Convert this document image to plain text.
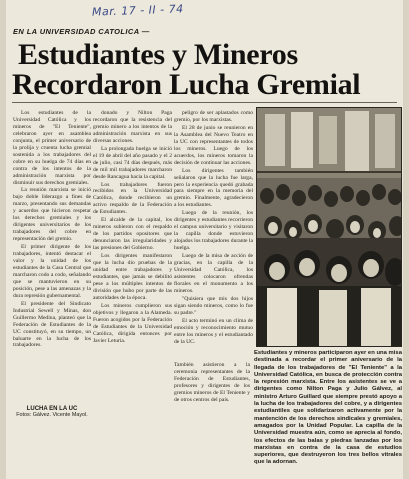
Mar. 17 - II - 74
EN LA UNIVERSIDAD CATOLICA —
Estudiantes y Mineros
Recordaron Lucha Gremial

Los estudiantes de la Universidad Católica y los mineros de "El Teniente", celebraron ayer en asamblea conjunta, el primer aniversario de la prolija y cruenta lucha gremial sostenida a los trabajadores del cobre en su huelga de 74 días en contra de los intentos de la administración marxista por disminuir sus derechos gremiales.

La reunión marxista se inició bajo doble liderazgo a fines de marzo, presentando sus demandas y acuerdos que hicieron respetar los derechos gremiales y los dirigentes universitarios de los trabajadores del cobre en representación del gremio.

El primer dirigente de los trabajadores, intentó destacar el valor y la unidad de los estudiantes de la Casa Central que marcharon codo a codo, señalando que se mantuvieron en su posición, pese a las amenazas y la dura represión gubernamental.

El presidente del Sindicato Industrial Sewell y Minas, don Guillermo Medina, planteó que la Federación de Estudiantes de la UC constituyó, en su tiempo, un baluarte en la lucha de los trabajadores.

LUCHA EN LA UC
Fotos: Gálvez. Vicente Mayol.

donado y Nilton Paga recordaron que la resistencia del gremio minero a los intentos de la administración marxista en sus diversas acciones.

La prolongada huelga se inició el 19 de abril del año pasado y el 2 de julio, casi 74 días después, más de mil mil trabajadores marcharon desde Rancagua hacia la capital.

Los trabajadores fueron recibidos en la Universidad Católica, donde recibieron un activo respaldo de la Federación de Estudiantes.

El alcalde de la capital, los mineros subieron con el respaldo de los partidos opositores que denunciaron las irregularidades y las presiones del Gobierno.

Los dirigentes manifestaron que la lucha dio pruebas de la unidad entre trabajadores y estudiantes, que jamás se debilitó pese a los múltiples intentos de división que hubo por parte de las autoridades de la época.

Los mineros cumplieron sus objetivos y llegaron a la Alameda. Fueron acogidos por la Federación de Estudiantes de la Universidad Católica, dirigida entonces por Javier Leturia.

peligro de ser aplastados como gremio, por los marxistas.

El 28 de junio se reunieron en la Asamblea del Nuevo Teatro en la UC con representantes de todos los mineros. Luego de los acuerdos, los mineros tomaron la decisión de continuar las acciones.

Los dirigentes también señalaron que la lucha fue larga, pero la experiencia quedó grabada para siempre en la memoria del gremio. Finalmente, agradecieron a los estudiantes.

Luego de la reunión, los dirigentes y estudiantes recorrieron el campus universitario y visitaron la capilla donde estuvieron alojados los trabajadores durante la huelga.

Luego de la misa de acción de gracias, en la capilla de la Universidad Católica, los asistentes colocaron ofrendas florales en el monumento a los mineros.

"Quisiera que mis dos hijos sigan siendo mineros, como lo fue su padre."

El acto terminó en un clima de emoción y reconocimiento mutuo entre los mineros y el estudiantado de la UC.

También asistieron a la ceremonia representantes de la Federación de Estudiantes, profesores y dirigentes de los gremios mineros de El Teniente y de otros centros del país.
Estudiantes y mineros participaron ayer en una misa destinada a recordar el primer aniversario de la llegada de los trabajadores de "El Teniente" a la Universidad Católica, en busca de protección contra la represión marxista. Entre los asistentes se ve a dirigentes como Nilton Paga y Julio Gálvez, al ministro Arturo Guillard que siempre prestó apoyo a la lucha de los trabajadores del cobre, y a dirigentes estudiantiles que solidarizaron activamente por la mantención de los derechos sindicales y gremiales, amagados por la Unidad Popular. La capilla de la Universidad muestra aún, como se aprecia al fondo, los efectos de las balas y piedras lanzadas por los marxistas en contra de la casa de estudios superiores, que destruyeron los tres bellos vitrales que la adornan.
